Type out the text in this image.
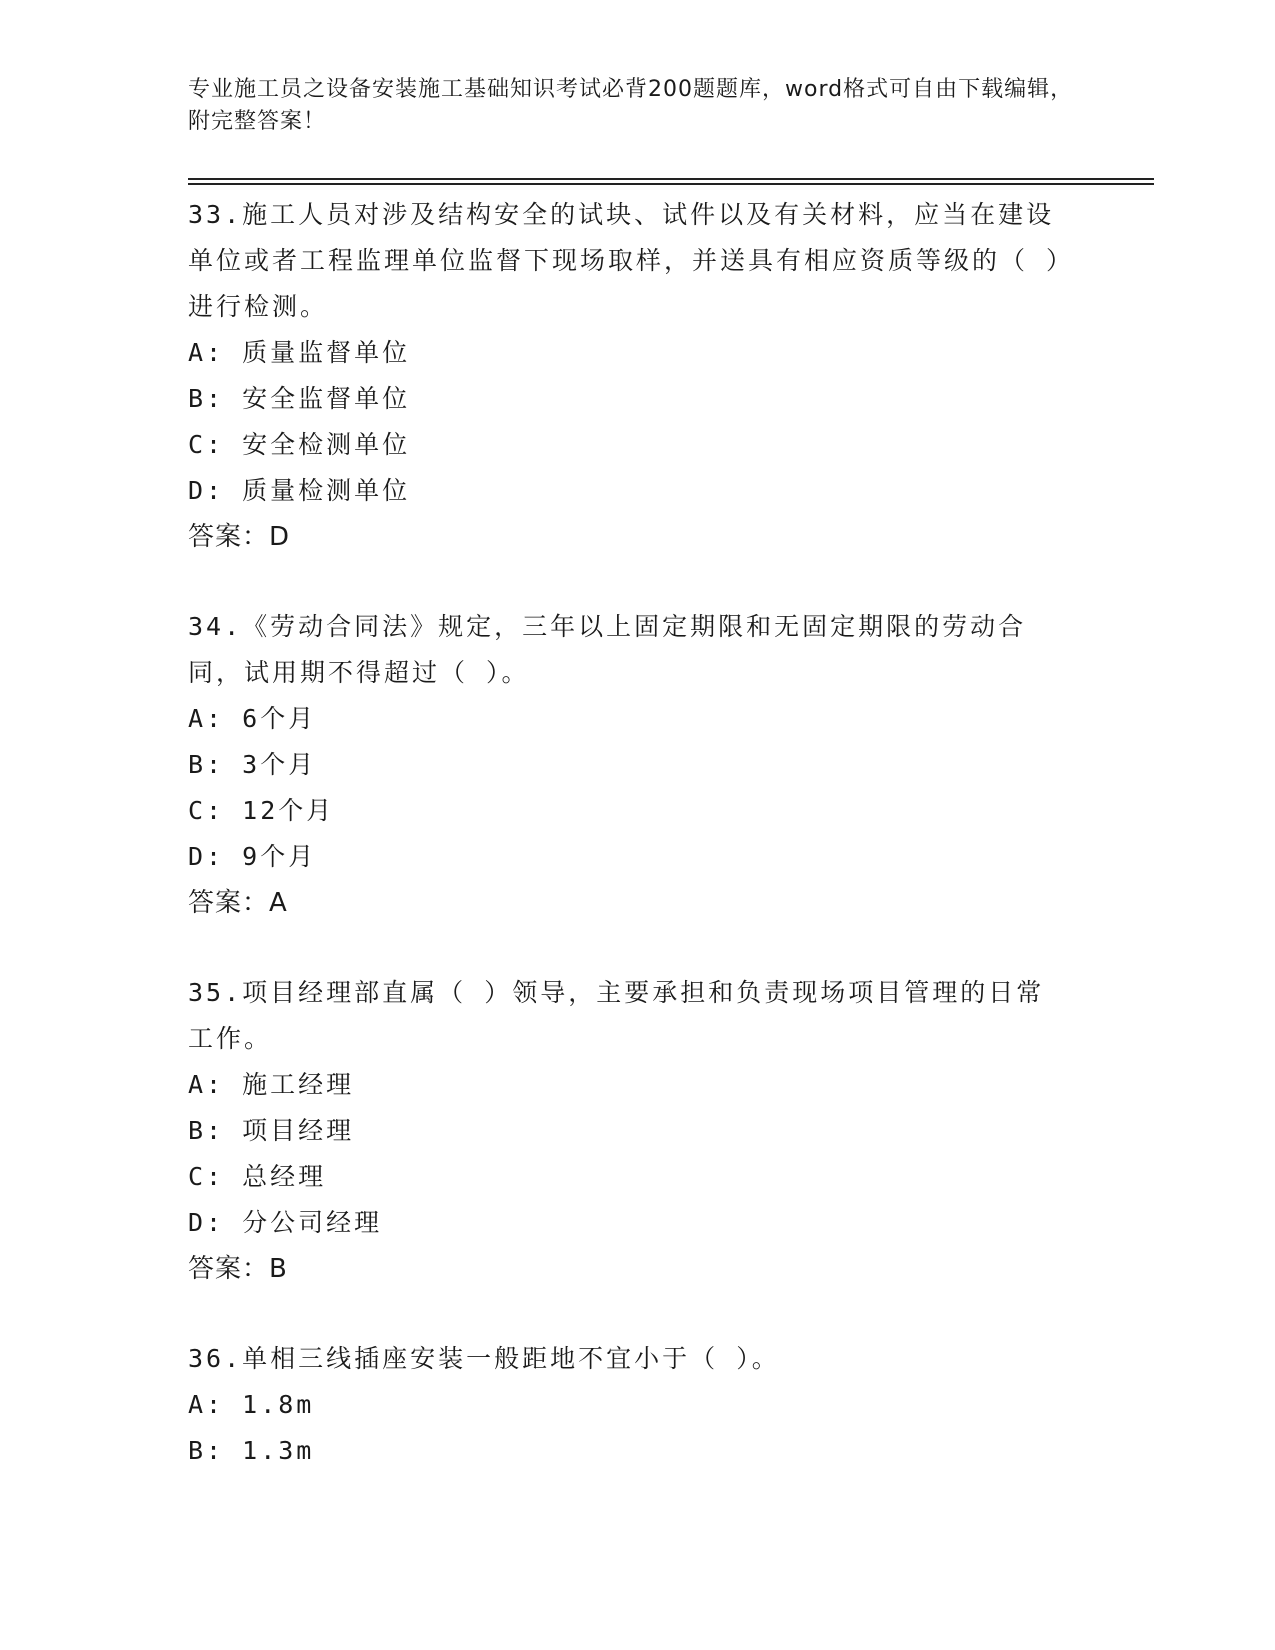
专业施工员之设备安装施工基础知识考试必背200题题库，word格式可自由下载编辑，附完整答案！
33.施工人员对涉及结构安全的试块、试件以及有关材料，应当在建设单位或者工程监理单位监督下现场取样，并送具有相应资质等级的（ ）进行检测。
A: 质量监督单位
B: 安全监督单位
C: 安全检测单位
D: 质量检测单位
答案：D
34.《劳动合同法》规定，三年以上固定期限和无固定期限的劳动合同，试用期不得超过（ ）。
A: 6个月
B: 3个月
C: 12个月
D: 9个月
答案：A
35.项目经理部直属（ ）领导，主要承担和负责现场项目管理的日常工作。
A: 施工经理
B: 项目经理
C: 总经理
D: 分公司经理
答案：B
36.单相三线插座安装一般距地不宜小于（ ）。
A: 1.8m
B: 1.3m
